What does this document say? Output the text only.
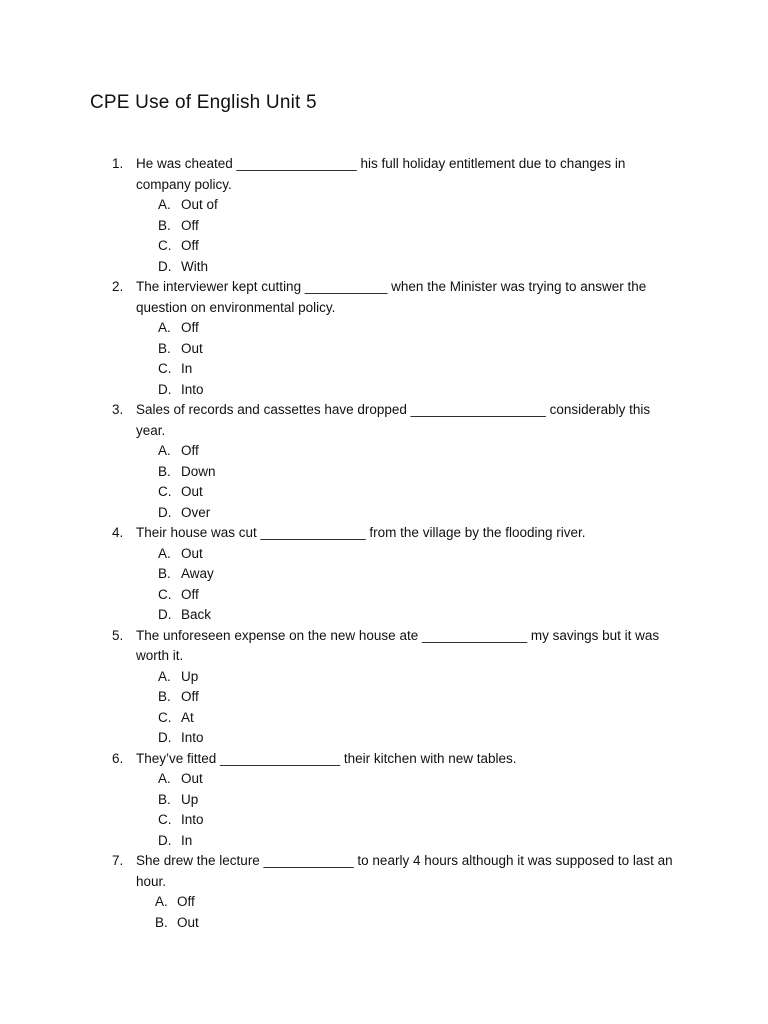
CPE Use of English Unit 5
1. He was cheated ________________ his full holiday entitlement due to changes in company policy.
A. Out of
B. Off
C. Off
D. With
2. The interviewer kept cutting ___________ when the Minister was trying to answer the question on environmental policy.
A. Off
B. Out
C. In
D. Into
3. Sales of records and cassettes have dropped __________________ considerably this year.
A. Off
B. Down
C. Out
D. Over
4. Their house was cut ______________ from the village by the flooding river.
A. Out
B. Away
C. Off
D. Back
5. The unforeseen expense on the new house ate ______________ my savings but it was worth it.
A. Up
B. Off
C. At
D. Into
6. They’ve fitted ________________ their kitchen with new tables.
A. Out
B. Up
C. Into
D. In
7. She drew the lecture ____________ to nearly 4 hours although it was supposed to last an hour.
A. Off
B. Out
